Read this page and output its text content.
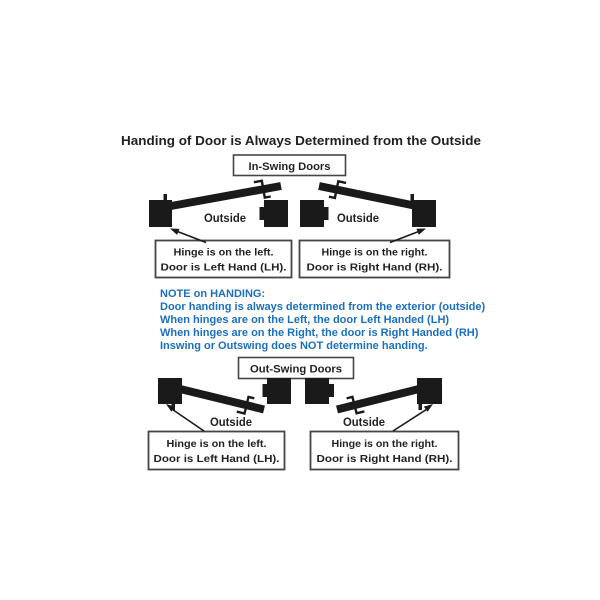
Handing of Door is Always Determined from the Outside
In-Swing Doors
Outside
Hinge is on the left.
Door is Left Hand (LH).
Outside
Hinge is on the right.
Door is Right Hand (RH).
NOTE on HANDING:
Door handing is always determined from the exterior (outside)
When hinges are on the Left, the door Left Handed (LH)
When hinges are on the Right, the door is Right Handed (RH)
Inswing or Outswing does NOT determine handing.
Out-Swing Doors
Outside
Hinge is on the left.
Door is Left Hand (LH).
Outside
Hinge is on the right.
Door is Right Hand (RH).
